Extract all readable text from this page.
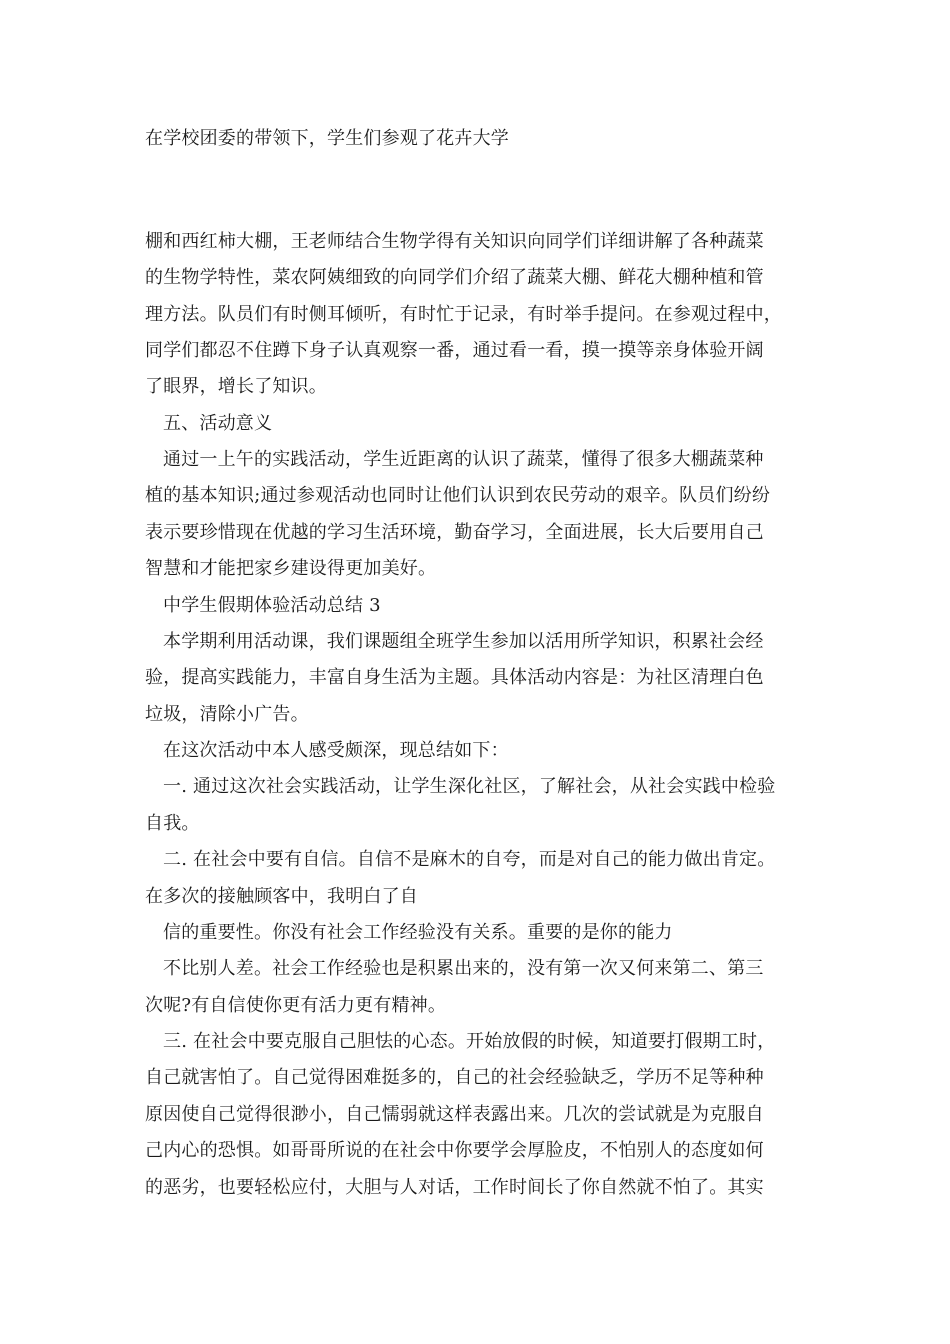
在学校团委的带领下，学生们参观了花卉大学
棚和西红柿大棚，王老师结合生物学得有关知识向同学们详细讲解了各种蔬菜
的生物学特性，菜农阿姨细致的向同学们介绍了蔬菜大棚、鲜花大棚种植和管
理方法。队员们有时侧耳倾听，有时忙于记录，有时举手提问。在参观过程中，
同学们都忍不住蹲下身子认真观察一番，通过看一看，摸一摸等亲身体验开阔
了眼界，增长了知识。
五、活动意义
通过一上午的实践活动，学生近距离的认识了蔬菜，懂得了很多大棚蔬菜种
植的基本知识;通过参观活动也同时让他们认识到农民劳动的艰辛。队员们纷纷
表示要珍惜现在优越的学习生活环境，勤奋学习，全面进展，长大后要用自己
智慧和才能把家乡建设得更加美好。
中学生假期体验活动总结 3
本学期利用活动课，我们课题组全班学生参加以活用所学知识，积累社会经
验，提高实践能力，丰富自身生活为主题。具体活动内容是：为社区清理白色
垃圾，清除小广告。
在这次活动中本人感受颇深，现总结如下：
一. 通过这次社会实践活动，让学生深化社区，了解社会，从社会实践中检验
自我。
二. 在社会中要有自信。自信不是麻木的自夸，而是对自己的能力做出肯定。
在多次的接触顾客中，我明白了自
信的重要性。你没有社会工作经验没有关系。重要的是你的能力
不比别人差。社会工作经验也是积累出来的，没有第一次又何来第二、第三
次呢?有自信使你更有活力更有精神。
三. 在社会中要克服自己胆怯的心态。开始放假的时候，知道要打假期工时，
自己就害怕了。自己觉得困难挺多的，自己的社会经验缺乏，学历不足等种种
原因使自己觉得很渺小，自己懦弱就这样表露出来。几次的尝试就是为克服自
己内心的恐惧。如哥哥所说的在社会中你要学会厚脸皮，不怕别人的态度如何
的恶劣，也要轻松应付，大胆与人对话，工作时间长了你自然就不怕了。其实
